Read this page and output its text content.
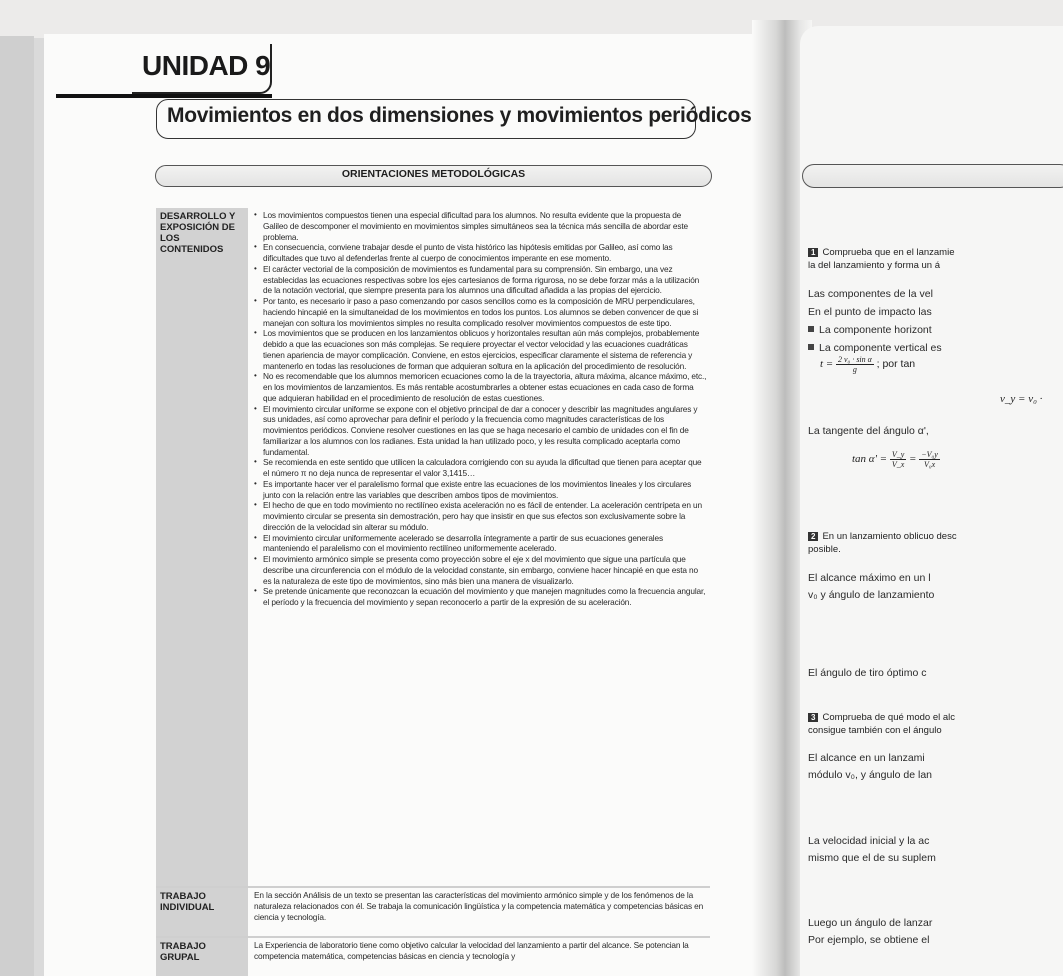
UNIDAD 9
Movimientos en dos dimensiones y movimientos periódicos
ORIENTACIONES METODOLÓGICAS
DESARROLLO Y EXPOSICIÓN DE LOS CONTENIDOS
• Los movimientos compuestos tienen una especial dificultad para los alumnos. No resulta evidente que la propuesta de Galileo de descomponer el movimiento en movimientos simples simultáneos sea la técnica más sencilla de abordar este problema.
• En consecuencia, conviene trabajar desde el punto de vista histórico las hipótesis emitidas por Galileo, así como las dificultades que tuvo al defenderlas frente al cuerpo de conocimientos imperante en ese momento.
• El carácter vectorial de la composición de movimientos es fundamental para su comprensión. Sin embargo, una vez establecidas las ecuaciones respectivas sobre los ejes cartesianos de forma rigurosa, no se debe forzar más a la utilización de la notación vectorial, que siempre presenta para los alumnos una dificultad añadida a las propias del ejercicio.
• Por tanto, es necesario ir paso a paso comenzando por casos sencillos como es la composición de MRU perpendiculares, haciendo hincapié en la simultaneidad de los movimientos en todos los puntos. Los alumnos se deben convencer de que si manejan con soltura los movimientos simples no resulta complicado resolver movimientos compuestos de este tipo.
• Los movimientos que se producen en los lanzamientos oblicuos y horizontales resultan aún más complejos, probablemente debido a que las ecuaciones son más complejas. Se requiere proyectar el vector velocidad y las ecuaciones cuadráticas tienen apariencia de mayor complicación. Conviene, en estos ejercicios, especificar claramente el sistema de referencia y mantenerlo en todas las resoluciones de forman que adquieran soltura en la aplicación del procedimiento de resolución.
• No es recomendable que los alumnos memoricen ecuaciones como la de la trayectoria, altura máxima, alcance máximo, etc., en los movimientos de lanzamientos. Es más rentable acostumbrarles a obtener estas ecuaciones en cada caso de forma que adquieran habilidad en el procedimiento de resolución de estas cuestiones.
• El movimiento circular uniforme se expone con el objetivo principal de dar a conocer y describir las magnitudes angulares y sus unidades, así como aprovechar para definir el período y la frecuencia como magnitudes características de los movimientos periódicos. Conviene resolver cuestiones en las que se haga necesario el cambio de unidades con el fin de familiarizar a los alumnos con los radianes. Esta unidad la han utilizado poco, y les resulta complicado aceptarla como fundamental.
• Se recomienda en este sentido que utilicen la calculadora corrigiendo con su ayuda la dificultad que tienen para aceptar que el número π no deja nunca de representar el valor 3,1415…
• Es importante hacer ver el paralelismo formal que existe entre las ecuaciones de los movimientos lineales y los circulares junto con la relación entre las variables que describen ambos tipos de movimientos.
• El hecho de que en todo movimiento no rectilíneo exista aceleración no es fácil de entender. La aceleración centrípeta en un movimiento circular se presenta sin demostración, pero hay que insistir en que sus efectos son exclusivamente sobre la dirección de la velocidad sin alterar su módulo.
• El movimiento circular uniformemente acelerado se desarrolla íntegramente a partir de sus ecuaciones generales manteniendo el paralelismo con el movimiento rectilíneo uniformemente acelerado.
• El movimiento armónico simple se presenta como proyección sobre el eje x del movimiento que sigue una partícula que describe una circunferencia con el módulo de la velocidad constante, sin embargo, conviene hacer hincapié en que esta no es la naturaleza de este tipo de movimientos, sino más bien una manera de visualizarlo.
• Se pretende únicamente que reconozcan la ecuación del movimiento y que manejen magnitudes como la frecuencia angular, el período y la frecuencia del movimiento y sepan reconocerlo a partir de la expresión de su aceleración.
TRABAJO INDIVIDUAL
En la sección Análisis de un texto se presentan las características del movimiento armónico simple y de los fenómenos de la naturaleza relacionados con él. Se trabaja la comunicación lingüística y la competencia matemática y competencias básicas en ciencia y tecnología.
TRABAJO GRUPAL
La Experiencia de laboratorio tiene como objetivo calcular la velocidad del lanzamiento a partir del alcance. Se potencian la competencia matemática, competencias básicas en ciencia y tecnología y
1 Comprueba que en el lanzamie
la del lanzamiento y forma un á
Las componentes de la vel
En el punto de impacto las
La componente horizont
La componente vertical es
$t = \frac{\text{2 v₀ · sin α}}{g}$ ; por tan
v_y = v₀ ·
La tangente del ángulo α',
$\tan \alpha' = \frac{V\_y}{V\_x} = \frac{\text{−V₀y}}{\text{V₀x}}$
2 En un lanzamiento oblicuo desc
posible.
El alcance máximo en un l
v₀ y ángulo de lanzamiento
El ángulo de tiro óptimo c
3 Comprueba de qué modo el alc
consigue también con el ángulo
El alcance en un lanzami
módulo v₀, y ángulo de lan
La velocidad inicial y la ac
mismo que el de su suplem
Luego un ángulo de lanzar
Por ejemplo, se obtiene el
